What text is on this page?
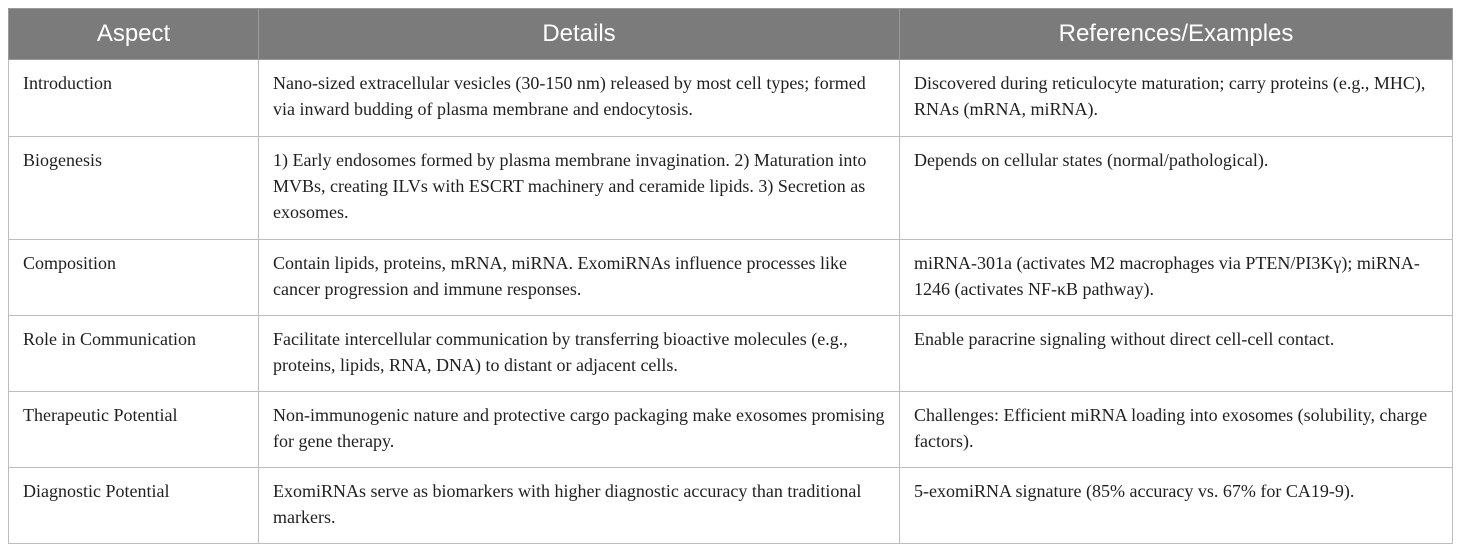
Aspect	Details	References/Examples
Introduction	Nano-sized extracellular vesicles (30-150 nm) released by most cell types; formed via inward budding of plasma membrane and endocytosis.	Discovered during reticulocyte maturation; carry proteins (e.g., MHC), RNAs (mRNA, miRNA).
Biogenesis	1) Early endosomes formed by plasma membrane invagination. 2) Maturation into MVBs, creating ILVs with ESCRT machinery and ceramide lipids. 3) Secretion as exosomes.	Depends on cellular states (normal/pathological).
Composition	Contain lipids, proteins, mRNA, miRNA. ExomiRNAs influence processes like cancer progression and immune responses.	miRNA-301a (activates M2 macrophages via PTEN/PI3Kγ); miRNA-1246 (activates NF-κB pathway).
Role in Communication	Facilitate intercellular communication by transferring bioactive molecules (e.g., proteins, lipids, RNA, DNA) to distant or adjacent cells.	Enable paracrine signaling without direct cell-cell contact.
Therapeutic Potential	Non-immunogenic nature and protective cargo packaging make exosomes promising for gene therapy.	Challenges: Efficient miRNA loading into exosomes (solubility, charge factors).
Diagnostic Potential	ExomiRNAs serve as biomarkers with higher diagnostic accuracy than traditional markers.	5-exomiRNA signature (85% accuracy vs. 67% for CA19-9).
